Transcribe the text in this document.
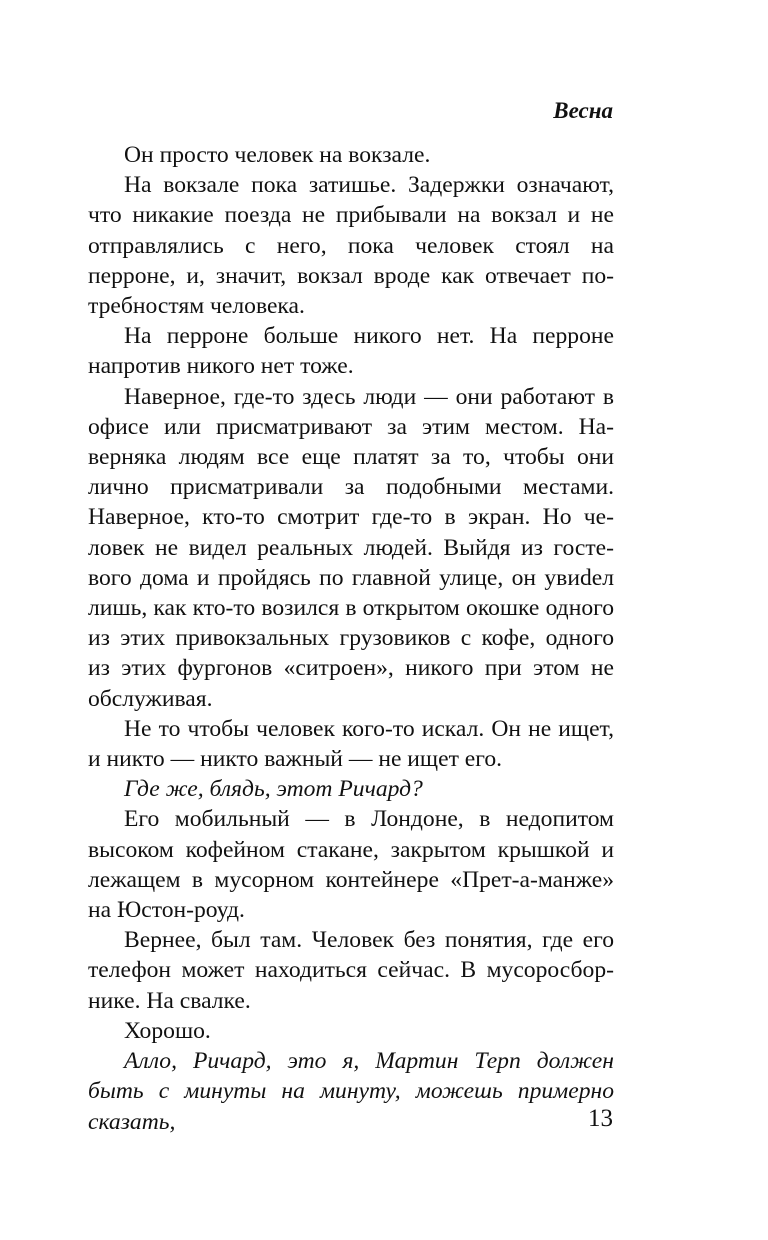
Весна

Он просто человек на вокзале.

На вокзале пока затишье. Задержки означают, что никакие поезда не прибывали на вокзал и не отправлялись с него, пока человек стоял на перроне, и, значит, вокзал вроде как отвечает потребностям человека.

На перроне больше никого нет. На перроне напротив никого нет тоже.

Наверное, где-то здесь люди — они работают в офисе или присматривают за этим местом. Наверняка людям все еще платят за то, чтобы они лично присматривали за подобными местами. Наверное, кто-то смотрит где-то в экран. Но человек не видел реальных людей. Выйдя из гостевого дома и пройдясь по главной улице, он увиdел лишь, как кто-то возился в открытом окошке одного из этих привокзальных грузовиков с кофе, одного из этих фургонов «ситроен», никого при этом не обслуживая.

Не то чтобы человек кого-то искал. Он не ищет, и никто — никто важный — не ищет его.

Где же, блядь, этот Ричард?

Его мобильный — в Лондоне, в недопитом высоком кофейном стакане, закрытом крышкой и лежащем в мусорном контейнере «Прет-а-манже» на Юстон-роуд.

Вернее, был там. Человек без понятия, где его телефон может находиться сейчас. В мусоросборнике. На свалке.

Хорошо.

Алло, Ричард, это я, Мартин Терп должен быть с минуты на минуту, можешь примерно сказать,	13
